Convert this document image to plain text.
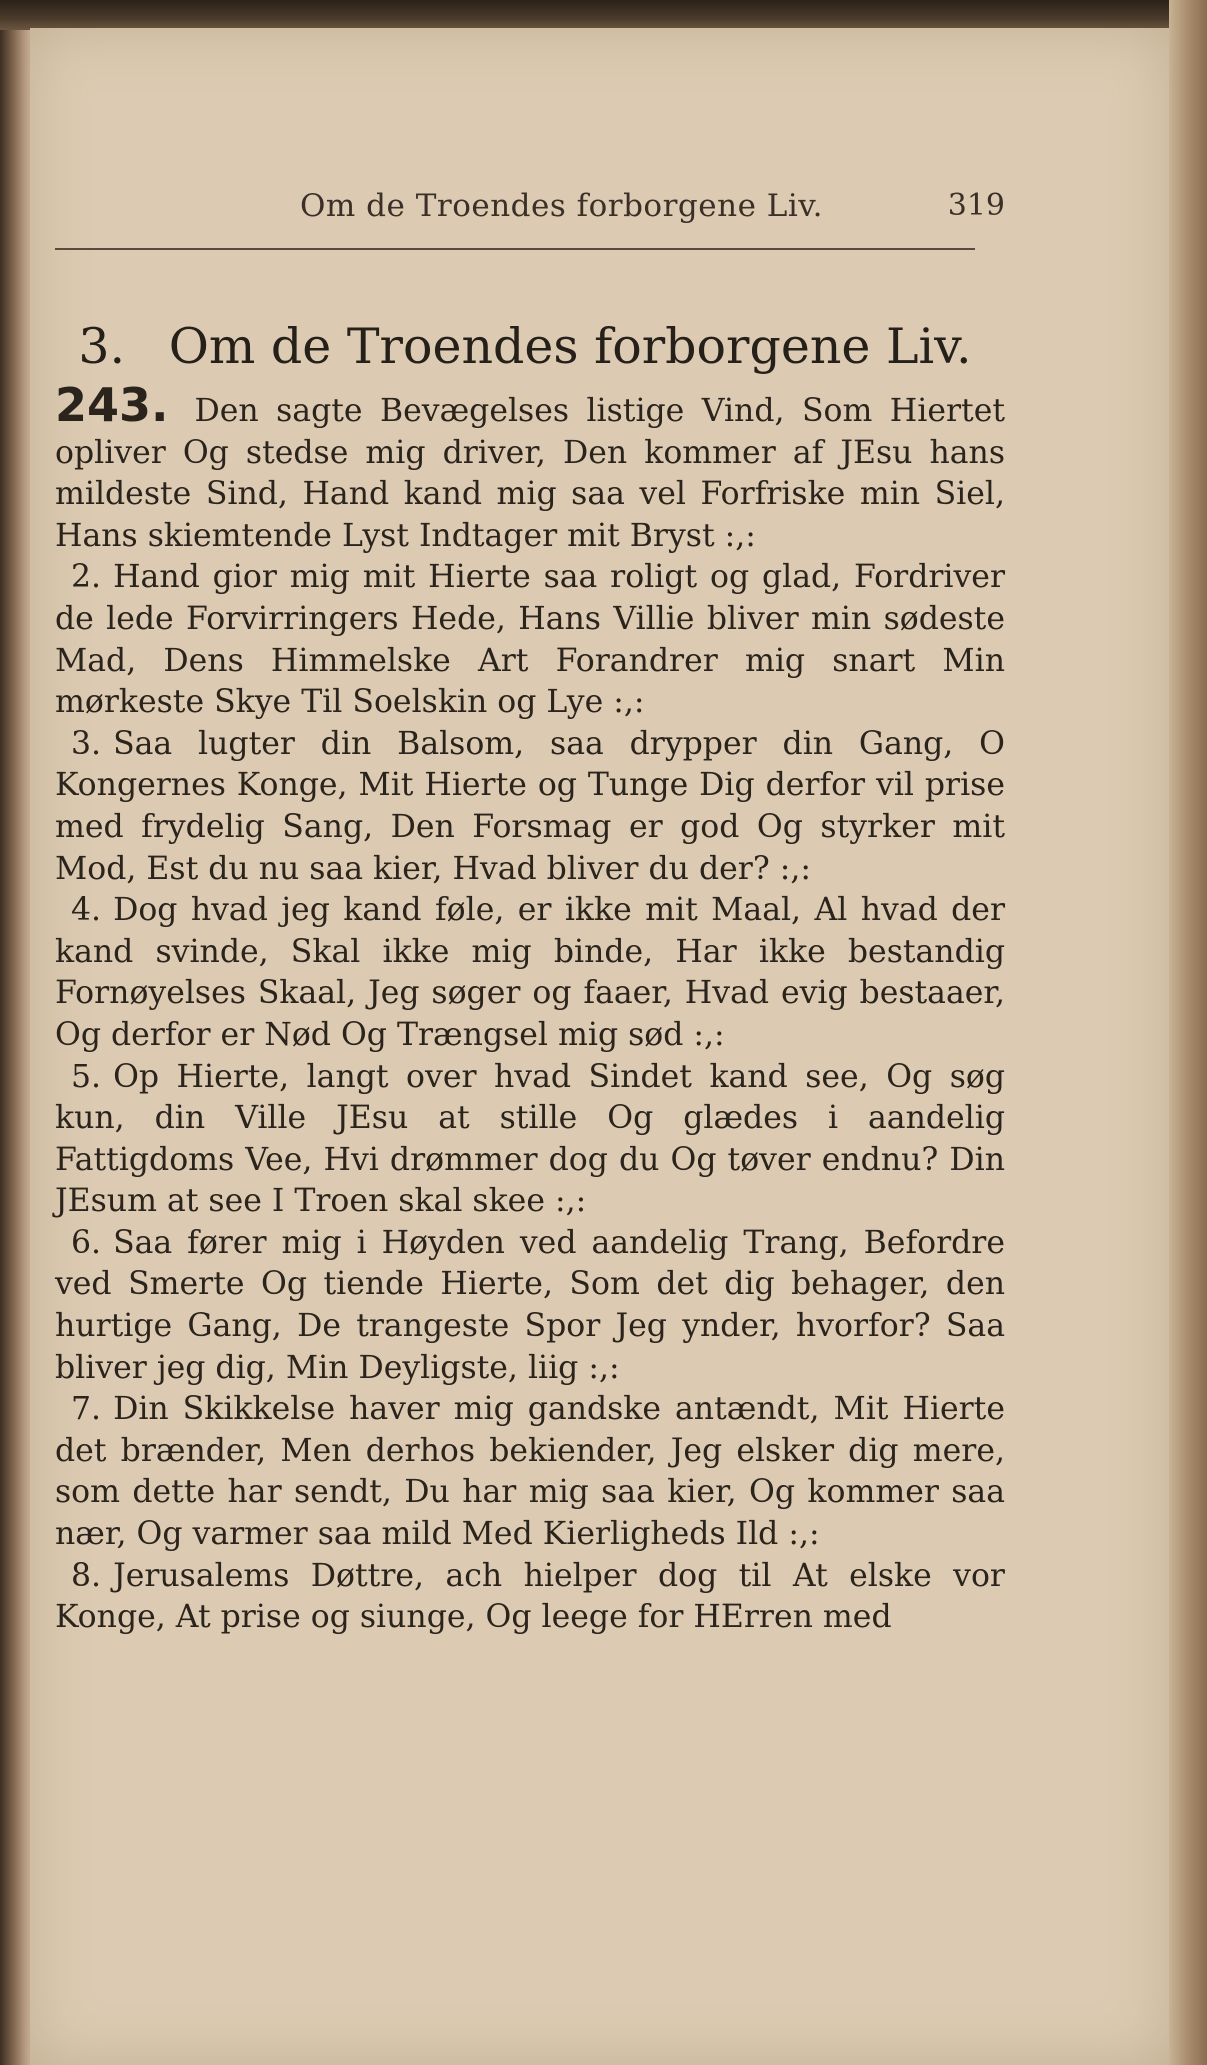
Om de Troendes forborgene Liv.	319
3. Om de Troendes forborgene Liv.

243. Den sagte Bevægelses listige Vind, Som Hiertet opliver Og stedse mig driver, Den kommer af JEsu hans mildeste Sind, Hand kand mig saa vel Forfriske min Siel, Hans skiemtende Lyst Indtager mit Bryst :,:

2. Hand gior mig mit Hierte saa roligt og glad, Fordriver de lede Forvirringers Hede, Hans Villie bliver min sødeste Mad, Dens Himmelske Art Forandrer mig snart Min mørkeste Skye Til Soelskin og Lye :,:

3. Saa lugter din Balsom, saa drypper din Gang, O Kongernes Konge, Mit Hierte og Tunge Dig derfor vil prise med frydelig Sang, Den Forsmag er god Og styrker mit Mod, Est du nu saa kier, Hvad bliver du der? :,:

4. Dog hvad jeg kand føle, er ikke mit Maal, Al hvad der kand svinde, Skal ikke mig binde, Har ikke bestandig Fornøyelses Skaal, Jeg søger og faaer, Hvad evig bestaaer, Og derfor er Nød Og Trængsel mig sød :,:

5. Op Hierte, langt over hvad Sindet kand see, Og søg kun, din Ville JEsu at stille Og glædes i aandelig Fattigdoms Vee, Hvi drømmer dog du Og tøver endnu? Din JEsum at see I Troen skal skee :,:

6. Saa fører mig i Høyden ved aandelig Trang, Befordre ved Smerte Og tiende Hierte, Som det dig behager, den hurtige Gang, De trangeste Spor Jeg ynder, hvorfor? Saa bliver jeg dig, Min Deyligste, liig :,:

7. Din Skikkelse haver mig gandske antændt, Mit Hierte det brænder, Men derhos bekiender, Jeg elsker dig mere, som dette har sendt, Du har mig saa kier, Og kommer saa nær, Og varmer saa mild Med Kierligheds Ild :,:

8. Jerusalems Døttre, ach hielper dog til At elske vor Konge, At prise og siunge, Og leege for HErren med
